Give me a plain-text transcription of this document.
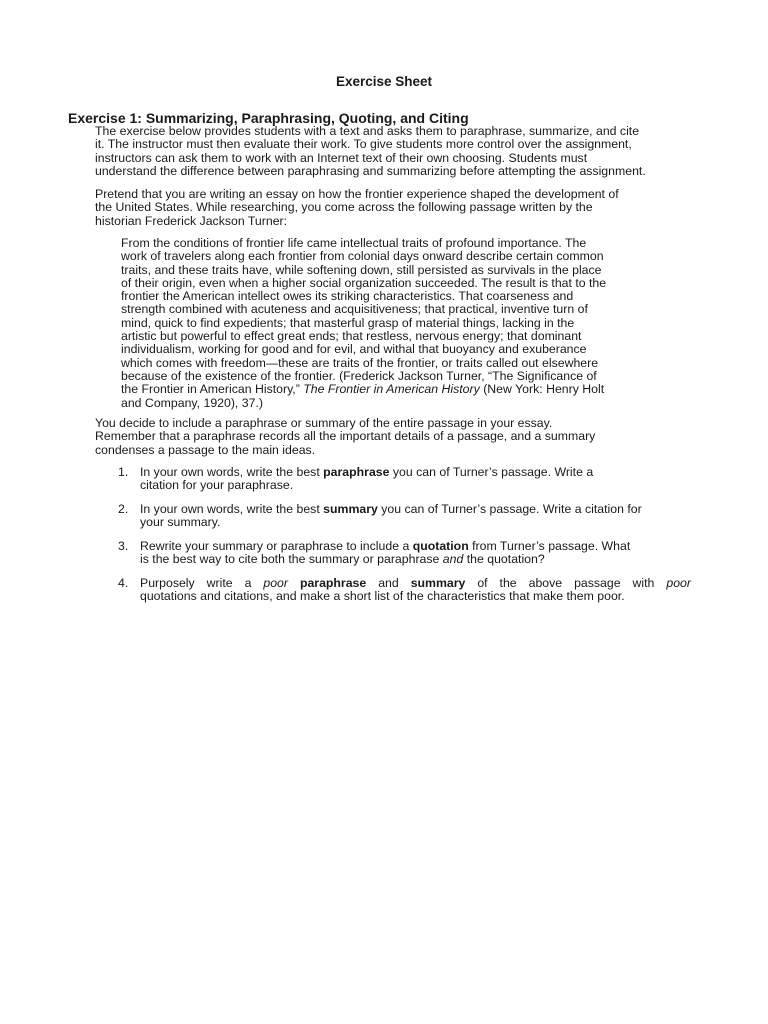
Exercise Sheet
Exercise 1: Summarizing, Paraphrasing, Quoting, and Citing
The exercise below provides students with a text and asks them to paraphrase, summarize, and cite
it. The instructor must then evaluate their work. To give students more control over the assignment,
instructors can ask them to work with an Internet text of their own choosing. Students must
understand the difference between paraphrasing and summarizing before attempting the assignment.
Pretend that you are writing an essay on how the frontier experience shaped the development of
the United States. While researching, you come across the following passage written by the
historian Frederick Jackson Turner:
From the conditions of frontier life came intellectual traits of profound importance. The
work of travelers along each frontier from colonial days onward describe certain common
traits, and these traits have, while softening down, still persisted as survivals in the place
of their origin, even when a higher social organization succeeded. The result is that to the
frontier the American intellect owes its striking characteristics. That coarseness and
strength combined with acuteness and acquisitiveness; that practical, inventive turn of
mind, quick to find expedients; that masterful grasp of material things, lacking in the
artistic but powerful to effect great ends; that restless, nervous energy; that dominant
individualism, working for good and for evil, and withal that buoyancy and exuberance
which comes with freedom—these are traits of the frontier, or traits called out elsewhere
because of the existence of the frontier. (Frederick Jackson Turner, “The Significance of
the Frontier in American History,” The Frontier in American History (New York: Henry Holt
and Company, 1920), 37.)
You decide to include a paraphrase or summary of the entire passage in your essay.
Remember that a paraphrase records all the important details of a passage, and a summary
condenses a passage to the main ideas.
1. In your own words, write the best paraphrase you can of Turner’s passage. Write a
citation for your paraphrase.
2. In your own words, write the best summary you can of Turner’s passage. Write a citation for
your summary.
3. Rewrite your summary or paraphrase to include a quotation from Turner’s passage. What
is the best way to cite both the summary or paraphrase and the quotation?
4. Purposely write a poor paraphrase and summary of the above passage with poor
quotations and citations, and make a short list of the characteristics that make them poor.
